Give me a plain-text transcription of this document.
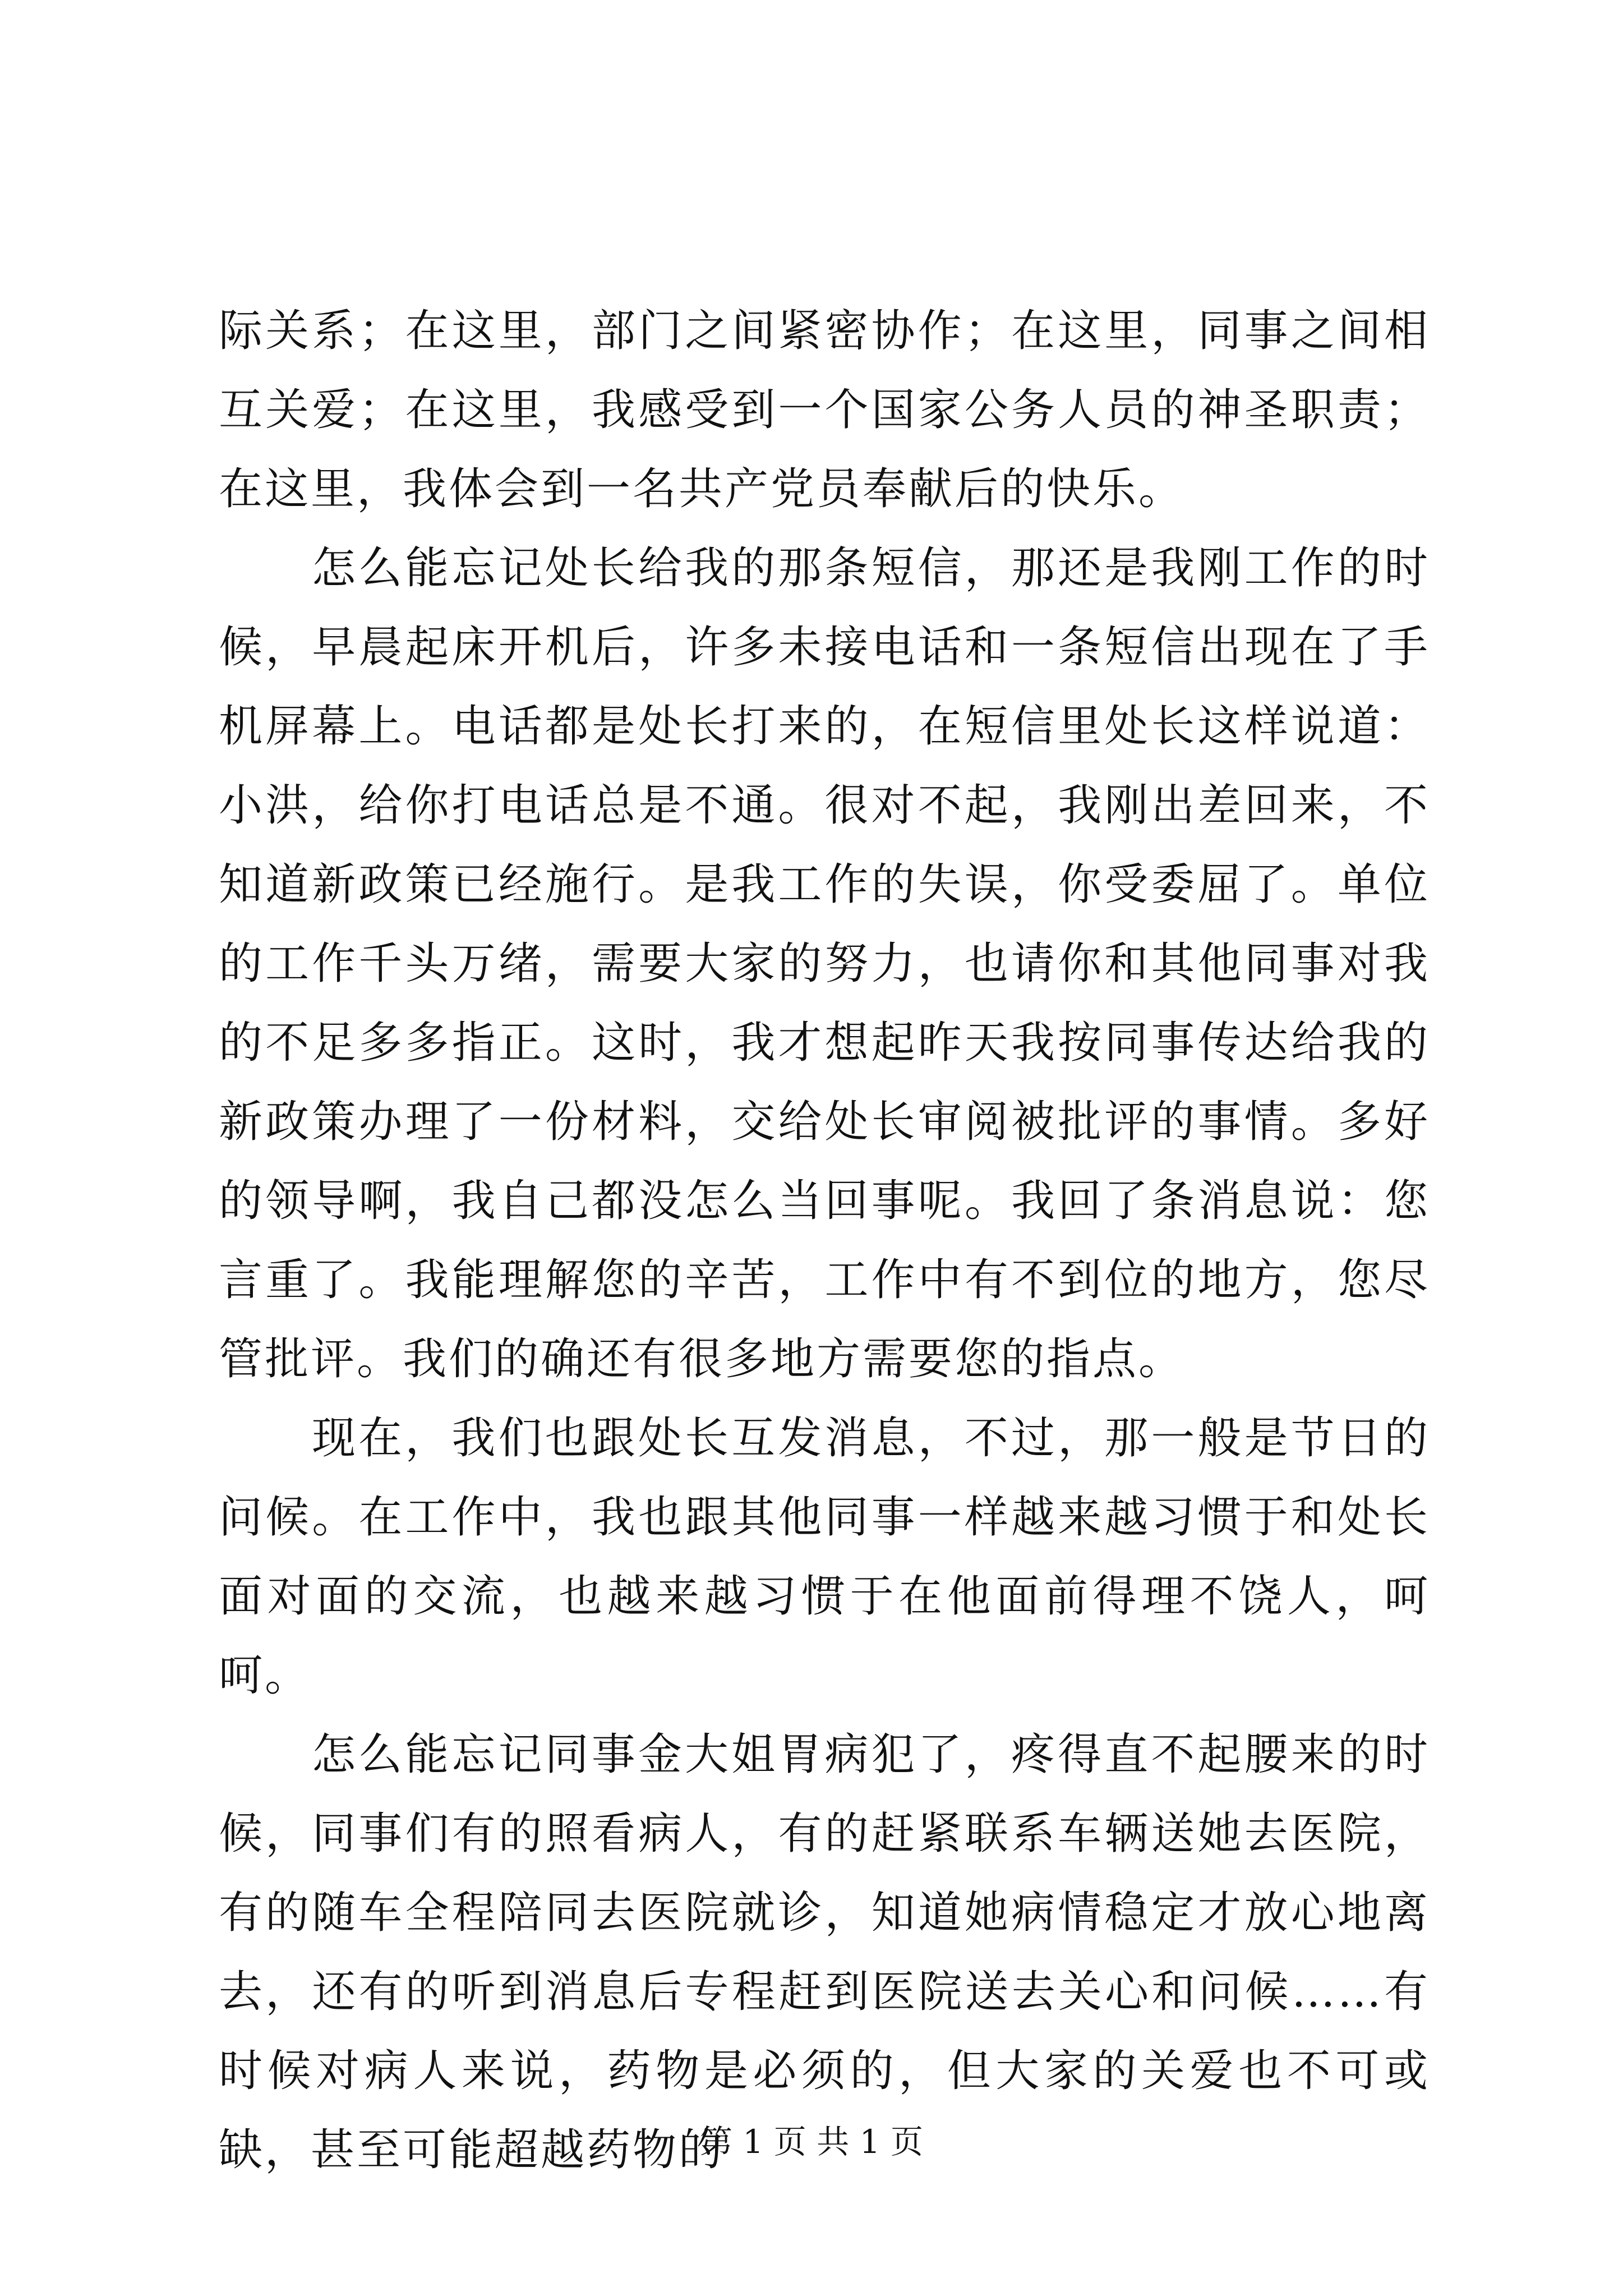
际关系；在这里，部门之间紧密协作；在这里，同事之间相互关爱；在这里，我感受到一个国家公务人员的神圣职责；在这里，我体会到一名共产党员奉献后的快乐。

怎么能忘记处长给我的那条短信，那还是我刚工作的时候，早晨起床开机后，许多未接电话和一条短信出现在了手机屏幕上。电话都是处长打来的，在短信里处长这样说道：小洪，给你打电话总是不通。很对不起，我刚出差回来，不知道新政策已经施行。是我工作的失误，你受委屈了。单位的工作千头万绪，需要大家的努力，也请你和其他同事对我的不足多多指正。这时，我才想起昨天我按同事传达给我的新政策办理了一份材料，交给处长审阅被批评的事情。多好的领导啊，我自己都没怎么当回事呢。我回了条消息说：您言重了。我能理解您的辛苦，工作中有不到位的地方，您尽管批评。我们的确还有很多地方需要您的指点。

现在，我们也跟处长互发消息，不过，那一般是节日的问候。在工作中，我也跟其他同事一样越来越习惯于和处长面对面的交流，也越来越习惯于在他面前得理不饶人，呵呵。

怎么能忘记同事金大姐胃病犯了，疼得直不起腰来的时候，同事们有的照看病人，有的赶紧联系车辆送她去医院，有的随车全程陪同去医院就诊，知道她病情稳定才放心地离去，还有的听到消息后专程赶到医院送去关心和问候……有时候对病人来说，药物是必须的，但大家的关爱也不可或缺，甚至可能超越药物的

第 1 页 共 1 页
